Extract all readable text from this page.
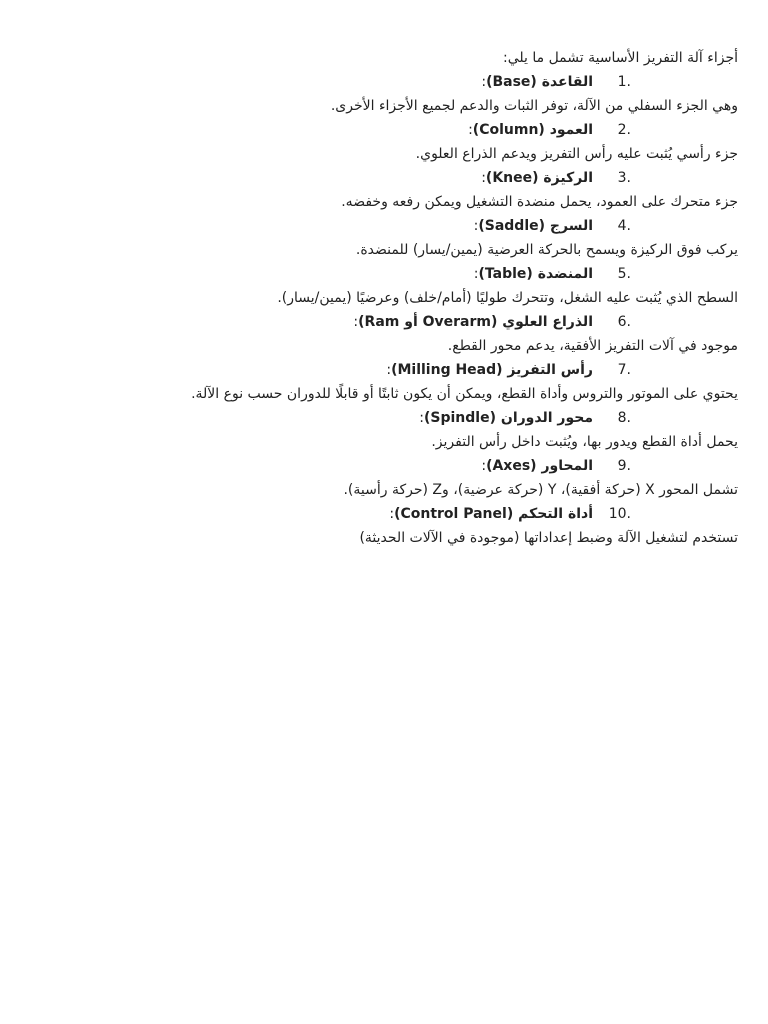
أجزاء آلة التفريز الأساسية تشمل ما يلي:
1.
القاعدة (Base):
وهي الجزء السفلي من الآلة، توفر الثبات والدعم لجميع الأجزاء الأخرى.
2.
العمود (Column):
جزء رأسي يُثبت عليه رأس التفريز ويدعم الذراع العلوي.
3.
الركيزة (Knee):
جزء متحرك على العمود، يحمل منضدة التشغيل ويمكن رفعه وخفضه.
4.
السرج (Saddle):
يركب فوق الركيزة ويسمح بالحركة العرضية (يمين/يسار) للمنضدة.
5.
المنضدة (Table):
السطح الذي يُثبت عليه الشغل، وتتحرك طوليًا (أمام/خلف) وعرضيًا (يمين/يسار).
6.
الذراع العلوي (Overarm أو Ram):
موجود في آلات التفريز الأفقية، يدعم محور القطع.
7.
رأس التفريز (Milling Head):
يحتوي على الموتور والتروس وأداة القطع، ويمكن أن يكون ثابتًا أو قابلًا للدوران حسب نوع الآلة.
8.
محور الدوران (Spindle):
يحمل أداة القطع ويدور بها، ويُثبت داخل رأس التفريز.
9.
المحاور (Axes):
تشمل المحور X (حركة أفقية)، Y (حركة عرضية)، وZ (حركة رأسية).
10.
أداة التحكم (Control Panel):
تستخدم لتشغيل الآلة وضبط إعداداتها (موجودة في الآلات الحديثة)
